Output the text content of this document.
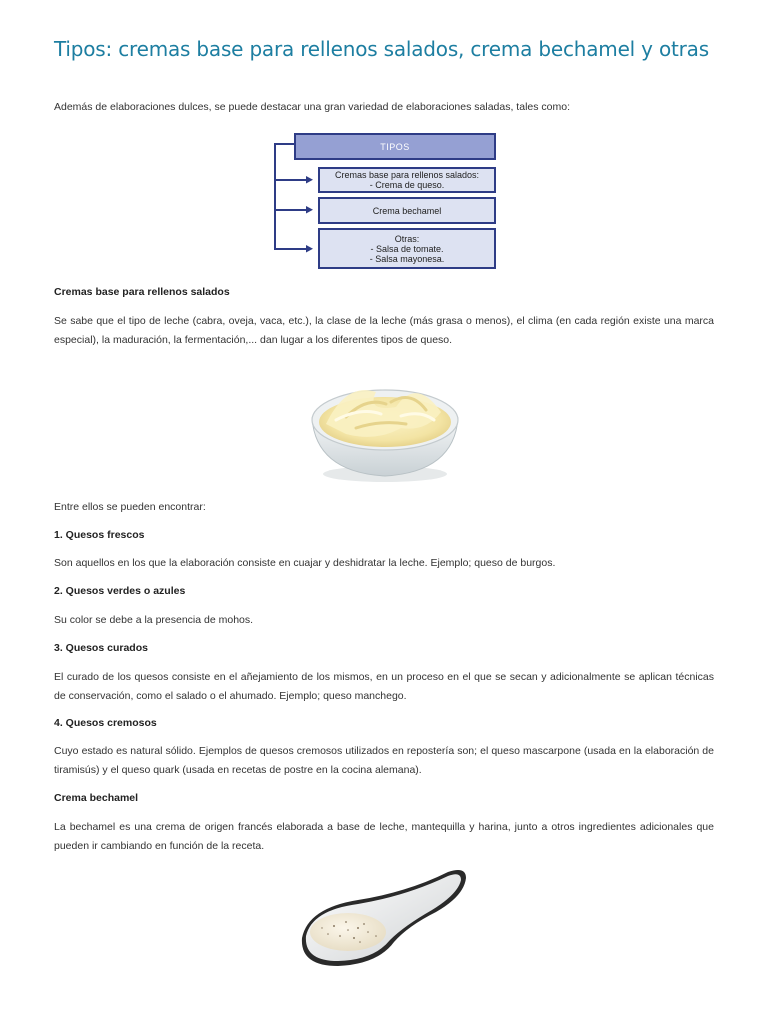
Tipos: cremas base para rellenos salados, crema bechamel y otras

Además de elaboraciones dulces, se puede destacar una gran variedad de elaboraciones saladas, tales como:

TIPOS
Cremas base para rellenos salados:
- Crema de queso.
Crema bechamel
Otras:
- Salsa de tomate.
- Salsa mayonesa.
Cremas base para rellenos salados

Se sabe que el tipo de leche (cabra, oveja, vaca, etc.), la clase de la leche (más grasa o menos), el clima (en cada región existe una marca especial), la maduración, la fermentación,... dan lugar a los diferentes tipos de queso.

Entre ellos se pueden encontrar:

1. Quesos frescos

Son aquellos en los que la elaboración consiste en cuajar y deshidratar la leche. Ejemplo; queso de burgos.

2. Quesos verdes o azules

Su color se debe a la presencia de mohos.

3. Quesos curados

El curado de los quesos consiste en el añejamiento de los mismos, en un proceso en el que se secan y adicionalmente se aplican técnicas de conservación, como el salado o el ahumado. Ejemplo; queso manchego.

4. Quesos cremosos

Cuyo estado es natural sólido. Ejemplos de quesos cremosos utilizados en repostería son; el queso mascarpone (usada en la elaboración de tiramisús) y el queso quark (usada en recetas de postre en la cocina alemana).

Crema bechamel

La bechamel es una crema de origen francés elaborada a base de leche, mantequilla y harina, junto a otros ingredientes adicionales que pueden ir cambiando en función de la receta.
